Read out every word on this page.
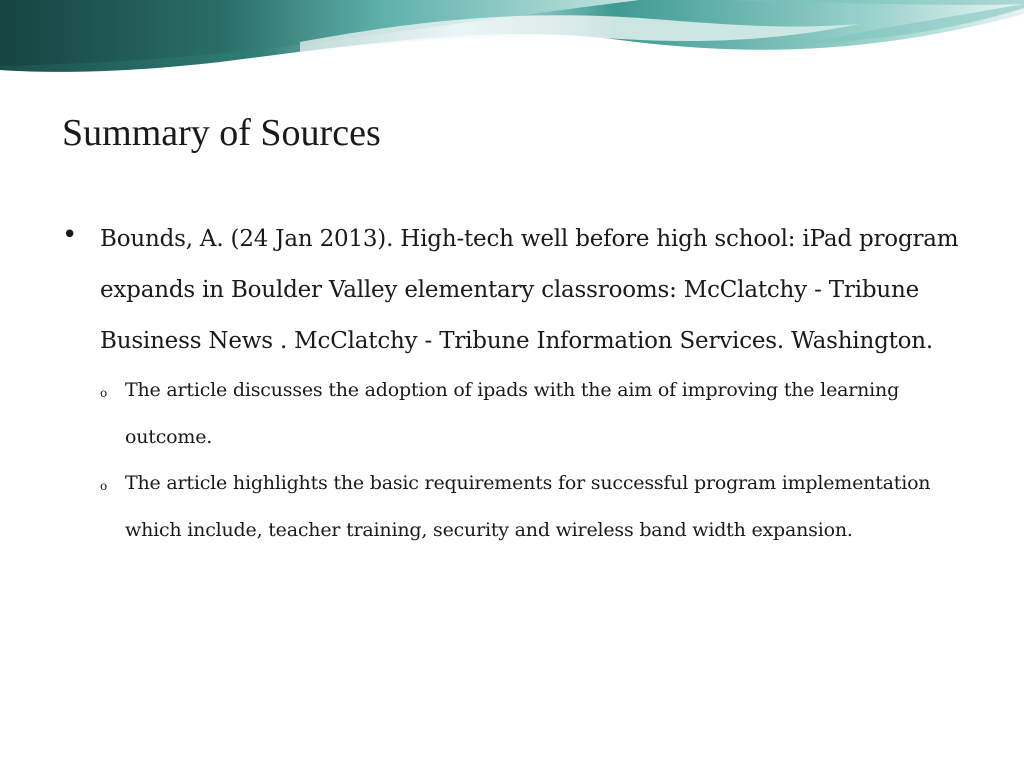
Summary of Sources
• Bounds, A. (24 Jan 2013). High-tech well before high school: iPad program expands in Boulder Valley elementary classrooms: McClatchy - Tribune Business News . McClatchy - Tribune Information Services. Washington.
o The article discusses the adoption of ipads with the aim of improving the learning outcome.
o The article highlights the basic requirements for successful program implementation which include, teacher training, security and wireless band width expansion.
